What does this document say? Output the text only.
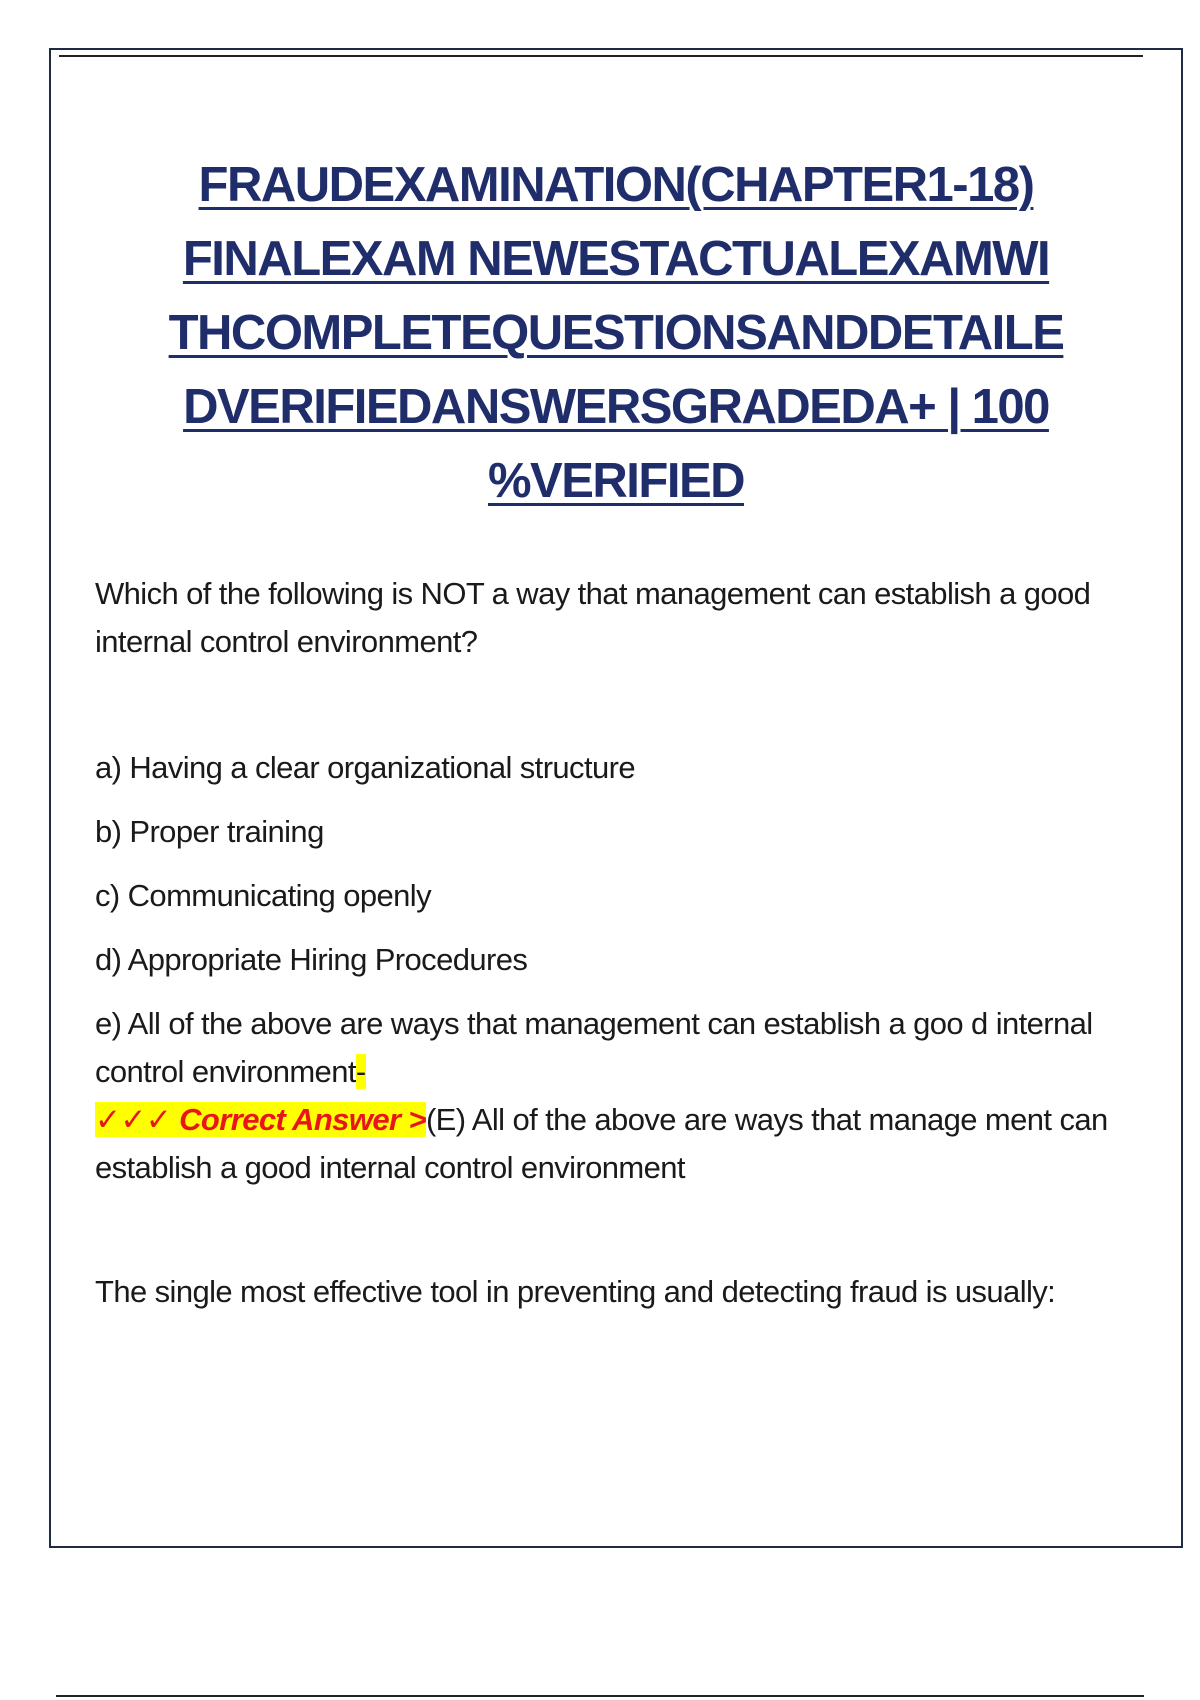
FRAUDEXAMINATION(CHAPTER1-18)
FINALEXAM NEWESTACTUALEXAMWI
THCOMPLETEQUESTIONSANDDETAILE
DVERIFIEDANSWERSGRADEDA+ | 100
%VERIFIED

Which of the following is NOT a way that management can establish a good internal control environment?

a) Having a clear organizational structure

b) Proper training

c) Communicating openly

d) Appropriate Hiring Procedures

e) All of the above are ways that management can establish a goo d internal control environment-
✓✓✓ Correct Answer >(E) All of the above are ways that manage ment can establish a good internal control environment

The single most effective tool in preventing and detecting fraud is usually:
